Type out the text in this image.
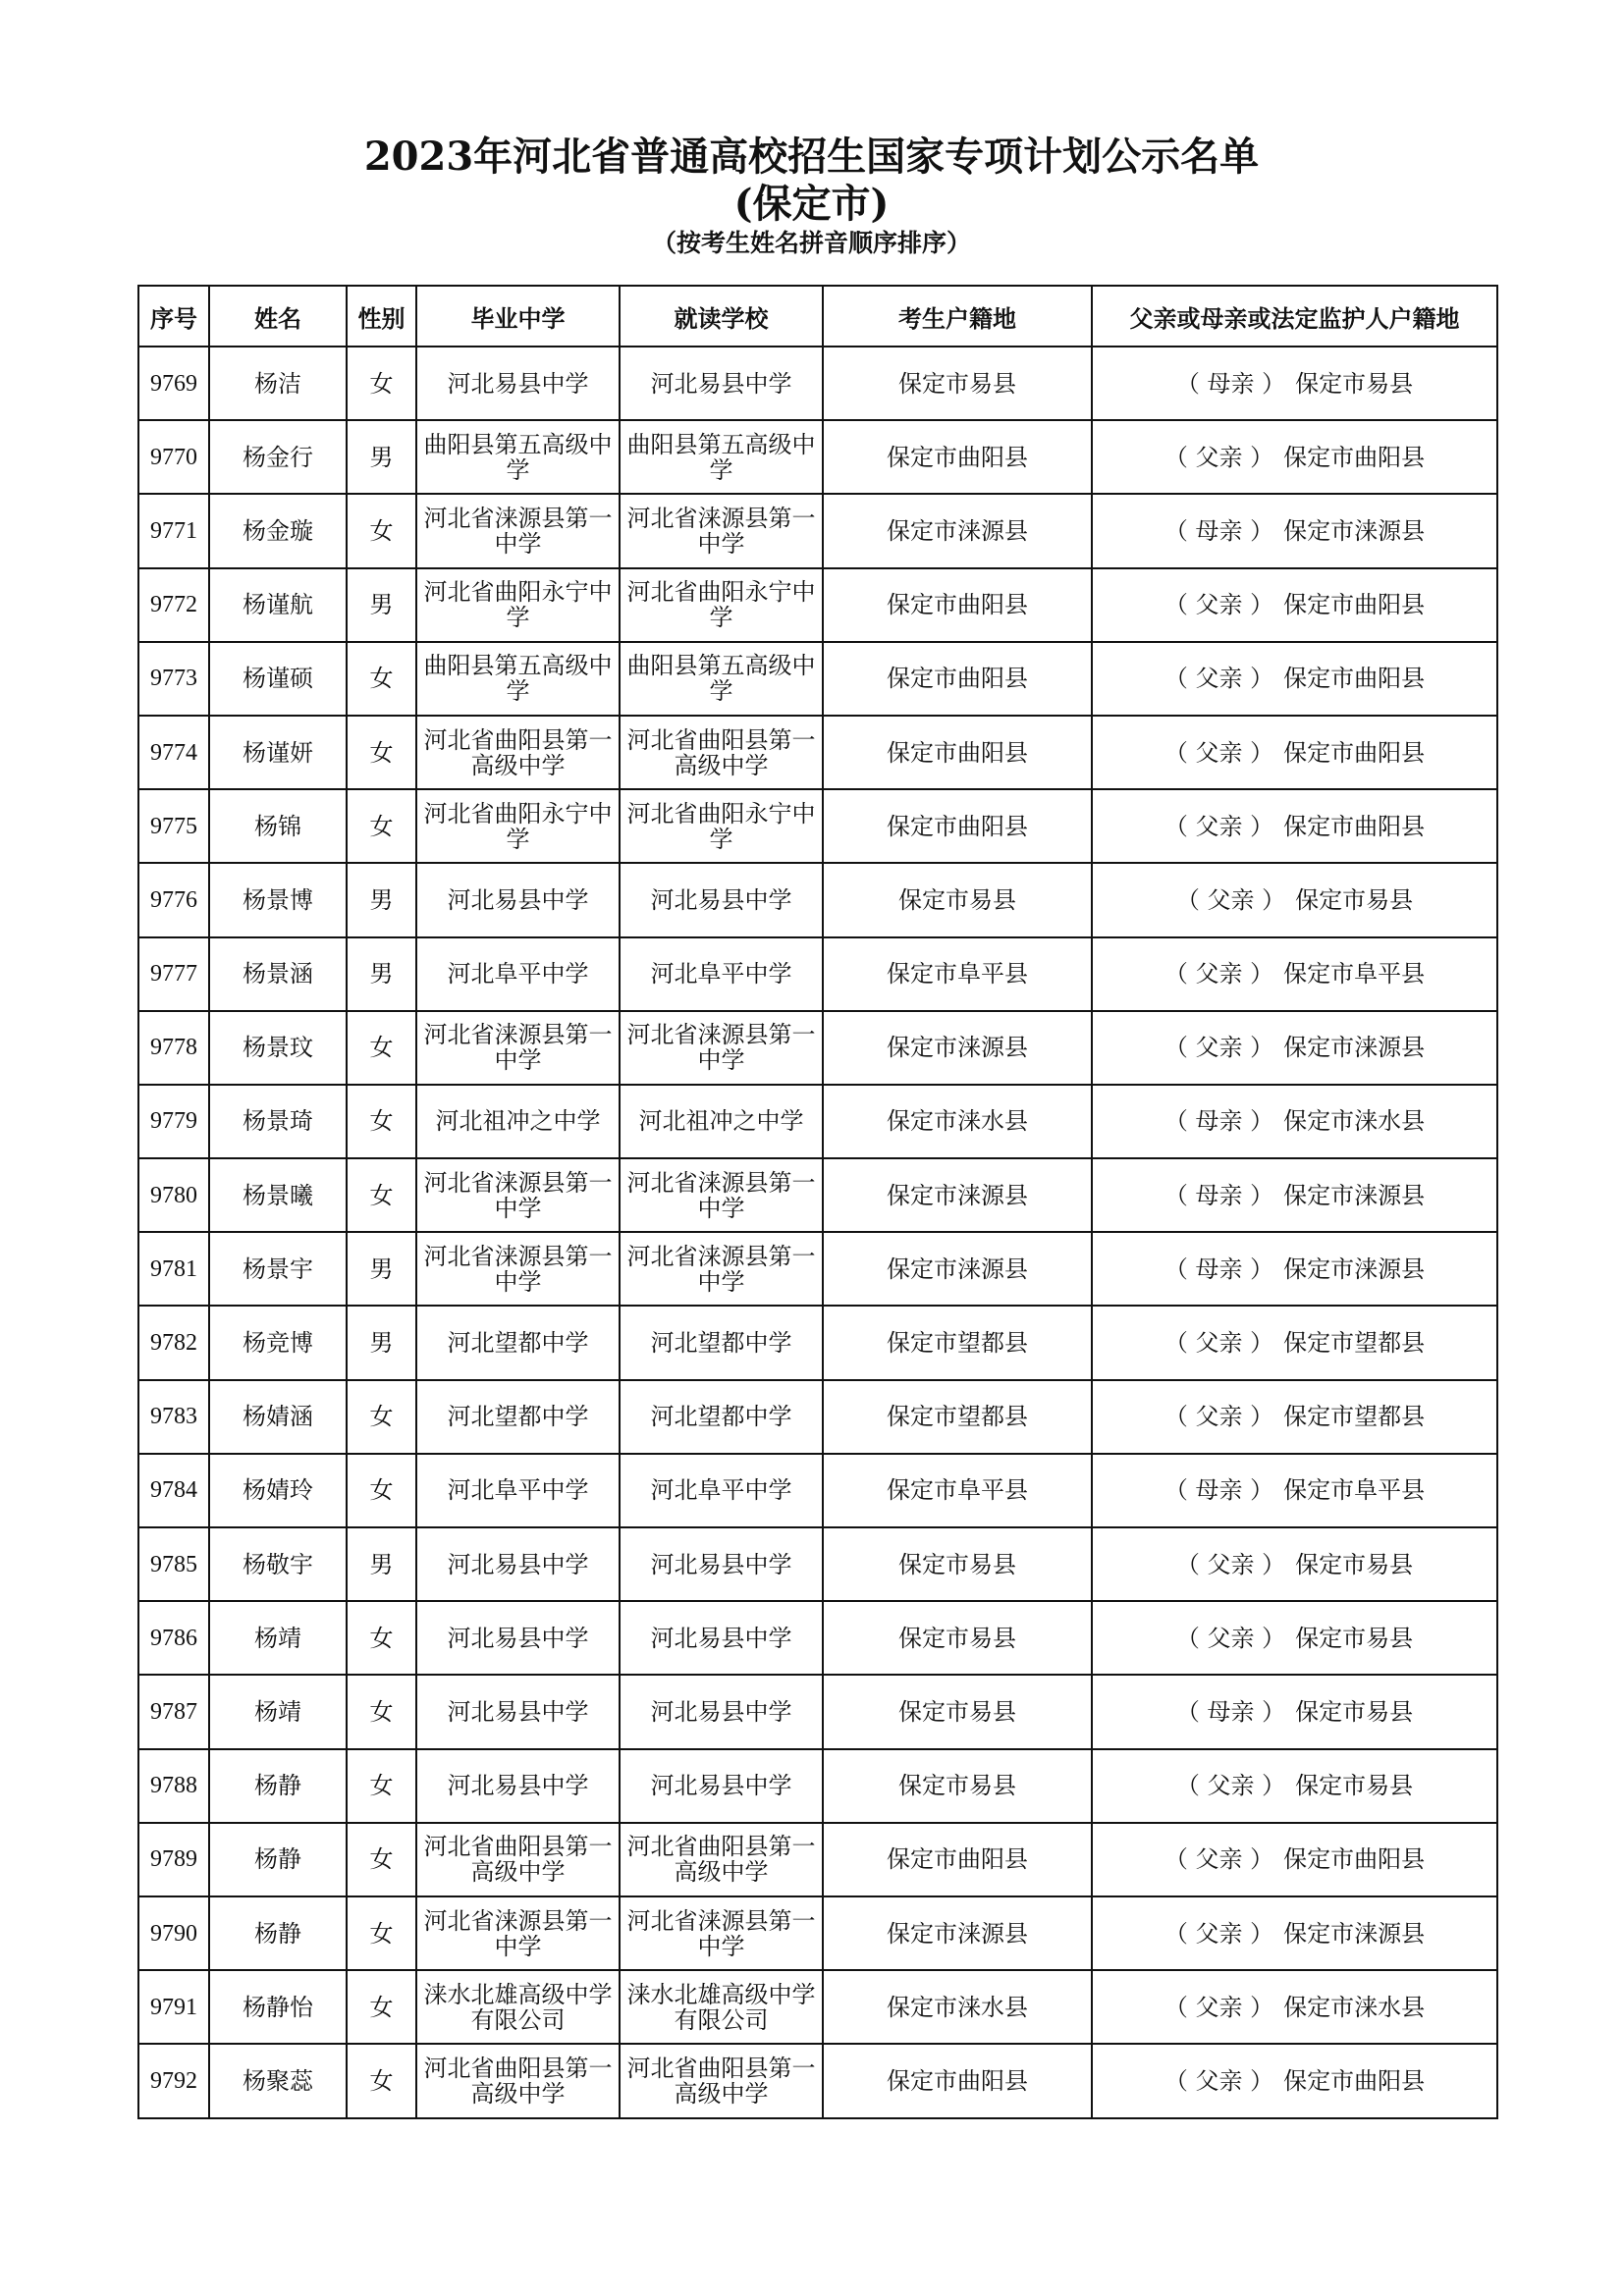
2023年河北省普通高校招生国家专项计划公示名单
(保定市)
（按考生姓名拼音顺序排序）
序号	姓名	性别	毕业中学	就读学校	考生户籍地	父亲或母亲或法定监护人户籍地
9769	杨洁	女	河北易县中学	河北易县中学	保定市易县	（ 母亲 ） 保定市易县
9770	杨金行	男	曲阳县第五高级中学	曲阳县第五高级中学	保定市曲阳县	（ 父亲 ） 保定市曲阳县
9771	杨金璇	女	河北省涞源县第一中学	河北省涞源县第一中学	保定市涞源县	（ 母亲 ） 保定市涞源县
9772	杨谨航	男	河北省曲阳永宁中学	河北省曲阳永宁中学	保定市曲阳县	（ 父亲 ） 保定市曲阳县
9773	杨谨硕	女	曲阳县第五高级中学	曲阳县第五高级中学	保定市曲阳县	（ 父亲 ） 保定市曲阳县
9774	杨谨妍	女	河北省曲阳县第一高级中学	河北省曲阳县第一高级中学	保定市曲阳县	（ 父亲 ） 保定市曲阳县
9775	杨锦	女	河北省曲阳永宁中学	河北省曲阳永宁中学	保定市曲阳县	（ 父亲 ） 保定市曲阳县
9776	杨景博	男	河北易县中学	河北易县中学	保定市易县	（ 父亲 ） 保定市易县
9777	杨景涵	男	河北阜平中学	河北阜平中学	保定市阜平县	（ 父亲 ） 保定市阜平县
9778	杨景玟	女	河北省涞源县第一中学	河北省涞源县第一中学	保定市涞源县	（ 父亲 ） 保定市涞源县
9779	杨景琦	女	河北祖冲之中学	河北祖冲之中学	保定市涞水县	（ 母亲 ） 保定市涞水县
9780	杨景曦	女	河北省涞源县第一中学	河北省涞源县第一中学	保定市涞源县	（ 母亲 ） 保定市涞源县
9781	杨景宇	男	河北省涞源县第一中学	河北省涞源县第一中学	保定市涞源县	（ 母亲 ） 保定市涞源县
9782	杨竞博	男	河北望都中学	河北望都中学	保定市望都县	（ 父亲 ） 保定市望都县
9783	杨婧涵	女	河北望都中学	河北望都中学	保定市望都县	（ 父亲 ） 保定市望都县
9784	杨婧玲	女	河北阜平中学	河北阜平中学	保定市阜平县	（ 母亲 ） 保定市阜平县
9785	杨敬宇	男	河北易县中学	河北易县中学	保定市易县	（ 父亲 ） 保定市易县
9786	杨靖	女	河北易县中学	河北易县中学	保定市易县	（ 父亲 ） 保定市易县
9787	杨靖	女	河北易县中学	河北易县中学	保定市易县	（ 母亲 ） 保定市易县
9788	杨静	女	河北易县中学	河北易县中学	保定市易县	（ 父亲 ） 保定市易县
9789	杨静	女	河北省曲阳县第一高级中学	河北省曲阳县第一高级中学	保定市曲阳县	（ 父亲 ） 保定市曲阳县
9790	杨静	女	河北省涞源县第一中学	河北省涞源县第一中学	保定市涞源县	（ 父亲 ） 保定市涞源县
9791	杨静怡	女	涞水北雄高级中学有限公司	涞水北雄高级中学有限公司	保定市涞水县	（ 父亲 ） 保定市涞水县
9792	杨聚蕊	女	河北省曲阳县第一高级中学	河北省曲阳县第一高级中学	保定市曲阳县	（ 父亲 ） 保定市曲阳县
